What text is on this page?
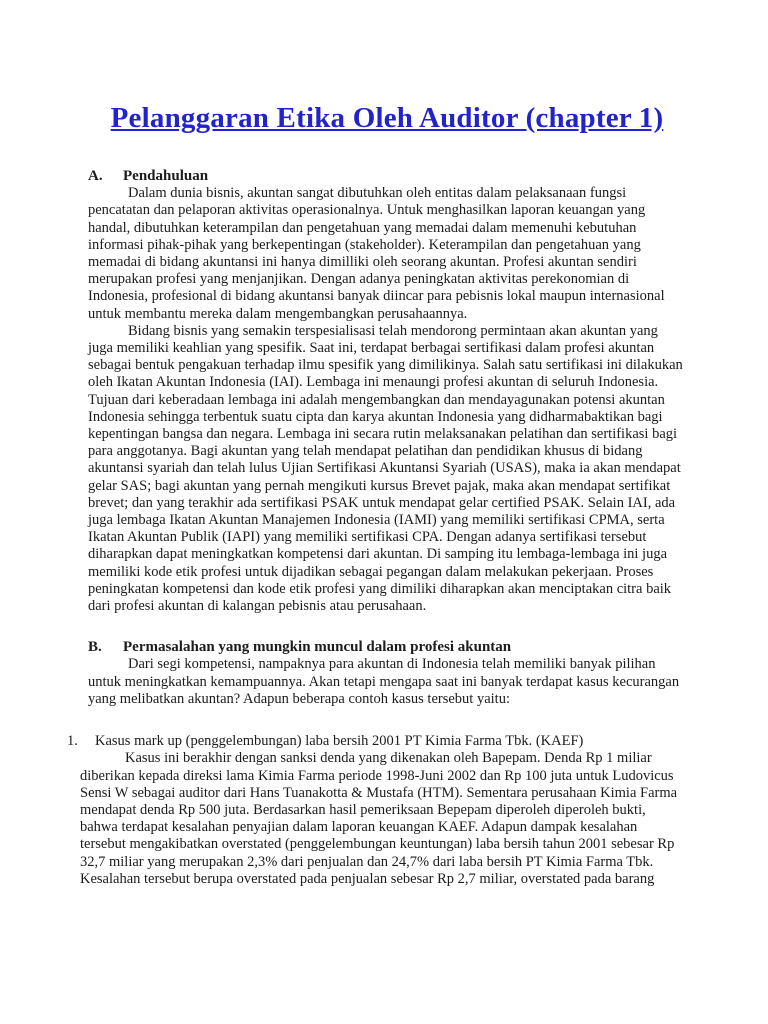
Pelanggaran Etika Oleh Auditor (chapter 1)
A.	Pendahuluan

Dalam dunia bisnis, akuntan sangat dibutuhkan oleh entitas dalam pelaksanaan fungsi pencatatan dan pelaporan aktivitas operasionalnya. Untuk menghasilkan laporan keuangan yang handal, dibutuhkan keterampilan dan pengetahuan yang memadai dalam memenuhi kebutuhan informasi pihak-pihak yang berkepentingan (stakeholder). Keterampilan dan pengetahuan yang memadai di bidang akuntansi ini hanya dimilliki oleh seorang akuntan. Profesi akuntan sendiri merupakan profesi yang menjanjikan. Dengan adanya peningkatan aktivitas perekonomian di Indonesia, profesional di bidang akuntansi banyak diincar para pebisnis lokal maupun internasional untuk membantu mereka dalam mengembangkan perusahaannya.

Bidang bisnis yang semakin terspesialisasi telah mendorong permintaan akan akuntan yang juga memiliki keahlian yang spesifik. Saat ini, terdapat berbagai sertifikasi dalam profesi akuntan sebagai bentuk pengakuan terhadap ilmu spesifik yang dimilikinya. Salah satu sertifikasi ini dilakukan oleh Ikatan Akuntan Indonesia (IAI). Lembaga ini menaungi profesi akuntan di seluruh Indonesia. Tujuan dari keberadaan lembaga ini adalah mengembangkan dan mendayagunakan potensi akuntan Indonesia sehingga terbentuk suatu cipta dan karya akuntan Indonesia yang didharmabaktikan bagi kepentingan bangsa dan negara. Lembaga ini secara rutin melaksanakan pelatihan dan sertifikasi bagi para anggotanya. Bagi akuntan yang telah mendapat pelatihan dan pendidikan khusus di bidang akuntansi syariah dan telah lulus Ujian Sertifikasi Akuntansi Syariah (USAS), maka ia akan mendapat gelar SAS; bagi akuntan yang pernah mengikuti kursus Brevet pajak, maka akan mendapat sertifikat brevet; dan yang terakhir ada sertifikasi PSAK untuk mendapat gelar certified PSAK. Selain IAI, ada juga lembaga Ikatan Akuntan Manajemen Indonesia (IAMI) yang memiliki sertifikasi CPMA, serta Ikatan Akuntan Publik (IAPI) yang memiliki sertifikasi CPA. Dengan adanya sertifikasi tersebut diharapkan dapat meningkatkan kompetensi dari akuntan. Di samping itu lembaga-lembaga ini juga memiliki kode etik profesi untuk dijadikan sebagai pegangan dalam melakukan pekerjaan. Proses peningkatan kompetensi dan kode etik profesi yang dimiliki diharapkan akan menciptakan citra baik dari profesi akuntan di kalangan pebisnis atau perusahaan.

B.	Permasalahan yang mungkin muncul dalam profesi akuntan

Dari segi kompetensi, nampaknya para akuntan di Indonesia telah memiliki banyak pilihan untuk meningkatkan kemampuannya. Akan tetapi mengapa saat ini banyak terdapat kasus kecurangan yang melibatkan akuntan? Adapun beberapa contoh kasus tersebut yaitu:

1.	Kasus mark up (penggelembungan) laba bersih 2001 PT Kimia Farma Tbk. (KAEF)

Kasus ini berakhir dengan sanksi denda yang dikenakan oleh Bapepam. Denda Rp 1 miliar diberikan kepada direksi lama Kimia Farma periode 1998-Juni 2002 dan Rp 100 juta untuk Ludovicus Sensi W sebagai auditor dari Hans Tuanakotta & Mustafa (HTM). Sementara perusahaan Kimia Farma mendapat denda Rp 500 juta. Berdasarkan hasil pemeriksaan Bepepam diperoleh diperoleh bukti, bahwa terdapat kesalahan penyajian dalam laporan keuangan KAEF. Adapun dampak kesalahan tersebut mengakibatkan overstated (penggelembungan keuntungan) laba bersih tahun 2001 sebesar Rp 32,7 miliar yang merupakan 2,3% dari penjualan dan 24,7% dari laba bersih PT Kimia Farma Tbk. Kesalahan tersebut berupa overstated pada penjualan sebesar Rp 2,7 miliar, overstated pada barang
